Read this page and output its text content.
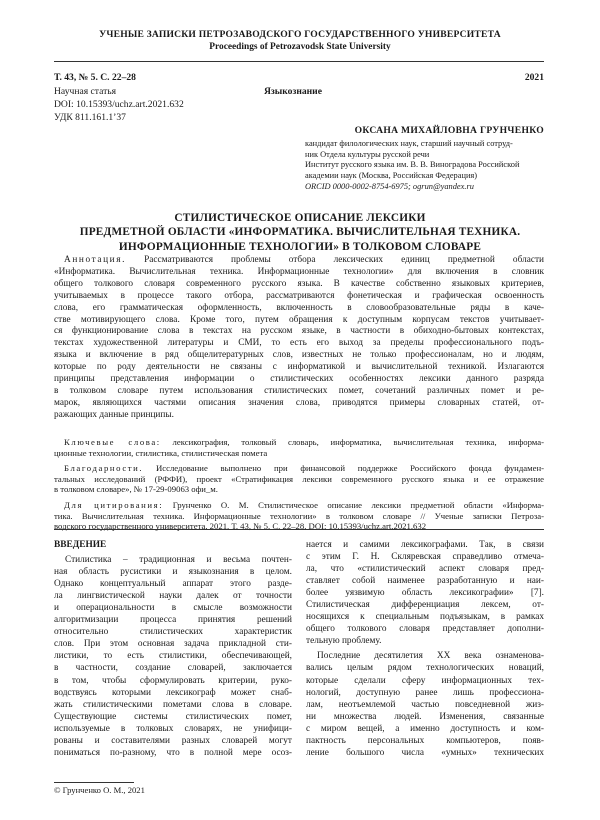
УЧЕНЫЕ ЗАПИСКИ ПЕТРОЗАВОДСКОГО ГОСУДАРСТВЕННОГО УНИВЕРСИТЕТА
Proceedings of Petrozavodsk State University
Т. 43, № 5. С. 22–28	2021
Научная статья	Языкознание
DOI: 10.15393/uchz.art.2021.632
УДК 811.161.1’37
ОКСАНА МИХАЙЛОВНА ГРУНЧЕНКО
кандидат филологических наук, старший научный сотруд-
ник Отдела культуры русской речи
Институт русского языка им. В. В. Виноградова Российской
академии наук (Москва, Российская Федерация)
ORCID 0000-0002-8754-6975; ogrun@yandex.ru
СТИЛИСТИЧЕСКОЕ ОПИСАНИЕ ЛЕКСИКИ
ПРЕДМЕТНОЙ ОБЛАСТИ «ИНФОРМАТИКА. ВЫЧИСЛИТЕЛЬНАЯ ТЕХНИКА.
ИНФОРМАЦИОННЫЕ ТЕХНОЛОГИИ» В ТОЛКОВОМ СЛОВАРЕ
Аннотация. Рассматриваются проблемы отбора лексических единиц предметной области
«Информатика. Вычислительная техника. Информационные технологии» для включения в словник
общего толкового словаря современного русского языка. В качестве собственно языковых критериев,
учитываемых в процессе такого отбора, рассматриваются фонетическая и графическая освоенность
слова, его грамматическая оформленность, включенность в словообразовательные ряды в каче-
стве мотивирующего слова. Кроме того, путем обращения к доступным корпусам текстов учитывает-
ся функционирование слова в текстах на русском языке, в частности в обиходно-бытовых контекстах,
текстах художественной литературы и СМИ, то есть его выход за пределы профессионального подъ-
языка и включение в ряд общелитературных слов, известных не только профессионалам, но и людям,
которые по роду деятельности не связаны с информатикой и вычислительной техникой. Излагаются
принципы представления информации о стилистических особенностях лексики данного разряда
в толковом словаре путем использования стилистических помет, сочетаний различных помет и ре-
марок, являющихся частями описания значения слова, приводятся примеры словарных статей, от-
ражающих данные принципы.
Ключевые слова: лексикография, толковый словарь, информатика, вычислительная техника, информа-
ционные технологии, стилистика, стилистическая помета
Благодарности. Исследование выполнено при финансовой поддержке Российского фонда фундамен-
тальных исследований (РФФИ), проект «Стратификация лексики современного русского языка и ее отражение
в толковом словаре», № 17-29-09063 офи_м.
Для цитирования: Грунченко О. М. Стилистическое описание лексики предметной области «Информа-
тика. Вычислительная техника. Информационные технологии» в толковом словаре // Ученые записки Петроза-
водского государственного университета. 2021. Т. 43, № 5. С. 22–28. DOI: 10.15393/uchz.art.2021.632
ВВЕДЕНИЕ
Стилистика – традиционная и весьма почтен-
ная область русистики и языкознания в целом.
Однако концептуальный аппарат этого разде-
ла лингвистической науки далек от точности
и операциональности в смысле возможности
алгоритмизации процесса принятия решений
относительно стилистических характеристик
слов. При этом основная задача прикладной сти-
листики, то есть стилистики, обеспечивающей,
в частности, создание словарей, заключается
в том, чтобы сформулировать критерии, руко-
водствуясь которыми лексикограф может снаб-
жать стилистическими пометами слова в словаре.
Существующие системы стилистических помет,
используемые в толковых словарях, не унифици-
рованы и составителями разных словарей могут
пониматься по-разному, что в полной мере осоз-
нается и самими лексикографами. Так, в связи
с этим Г. Н. Скляревская справедливо отмеча-
ла, что «стилистический аспект словаря пред-
ставляет собой наименее разработанную и наи-
более уязвимую область лексикографии» [7].
Стилистическая дифференциация лексем, от-
носящихся к специальным подъязыкам, в рамках
общего толкового словаря представляет дополни-
тельную проблему.
Последние десятилетия XX века ознаменова-
вались целым рядом технологических новаций,
которые сделали сферу информационных тех-
нологий, доступную ранее лишь профессиона-
лам, неотъемлемой частью повседневной жиз-
ни множества людей. Изменения, связанные
с миром вещей, а именно доступность и ком-
пактность персональных компьютеров, появ-
ление большого числа «умных» технических
© Грунченко О. М., 2021
